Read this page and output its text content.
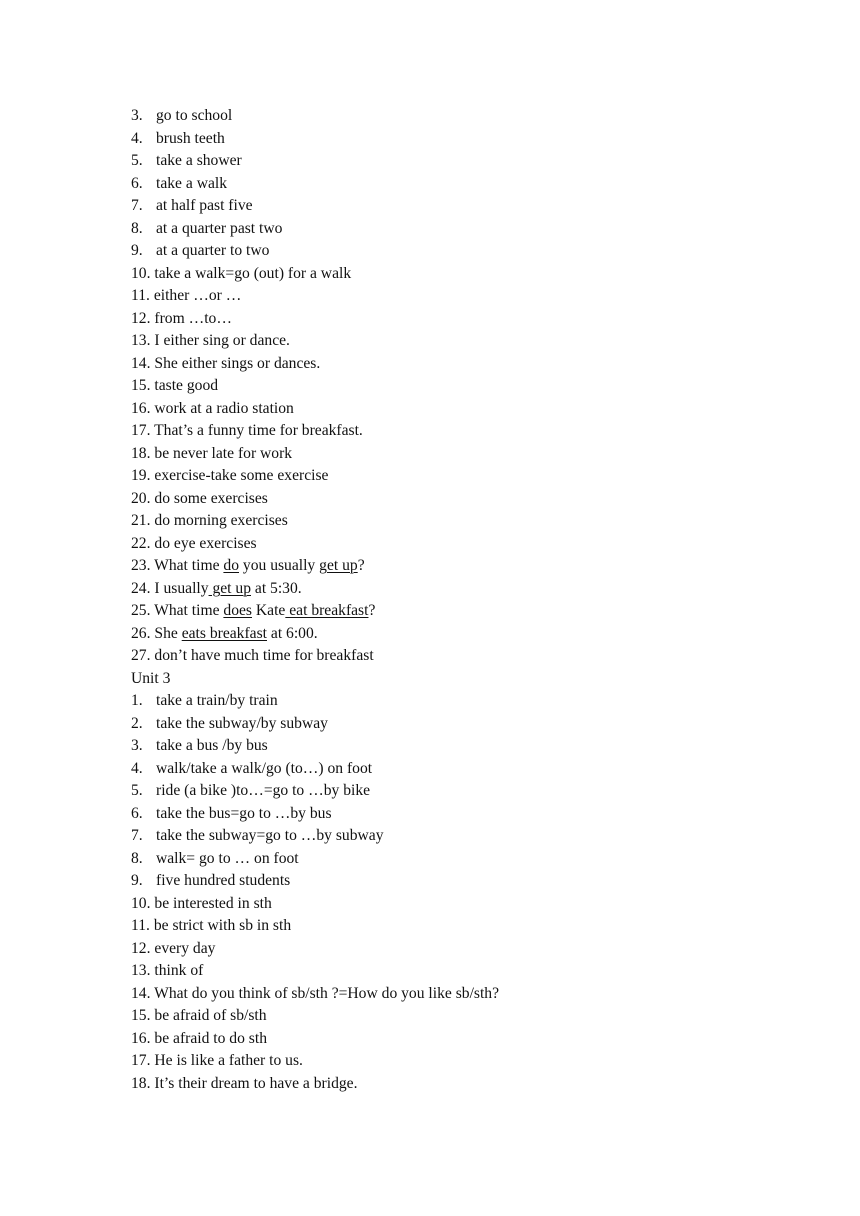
3. go to school
4. brush teeth
5. take a shower
6. take a walk
7. at half past five
8. at a quarter past two
9. at a quarter to two
10. take a walk=go (out) for a walk
11. either …or …
12. from …to…
13. I either sing or dance.
14. She either sings or dances.
15. taste good
16. work at a radio station
17. That’s a funny time for breakfast.
18. be never late for work
19. exercise-take some exercise
20. do some exercises
21. do morning exercises
22. do eye exercises
23. What time do you usually get up?
24. I usually get up at 5:30.
25. What time does Kate eat breakfast?
26. She eats breakfast at 6:00.
27. don’t have much time for breakfast
Unit 3
1. take a train/by train
2. take the subway/by subway
3. take a bus /by bus
4. walk/take a walk/go (to…) on foot
5. ride (a bike )to…=go to …by bike
6. take the bus=go to …by bus
7. take the subway=go to …by subway
8. walk= go to … on foot
9. five hundred students
10. be interested in sth
11. be strict with sb in sth
12. every day
13. think of
14. What do you think of sb/sth ?=How do you like sb/sth?
15. be afraid of sb/sth
16. be afraid to do sth
17. He is like a father to us.
18. It’s their dream to have a bridge.
